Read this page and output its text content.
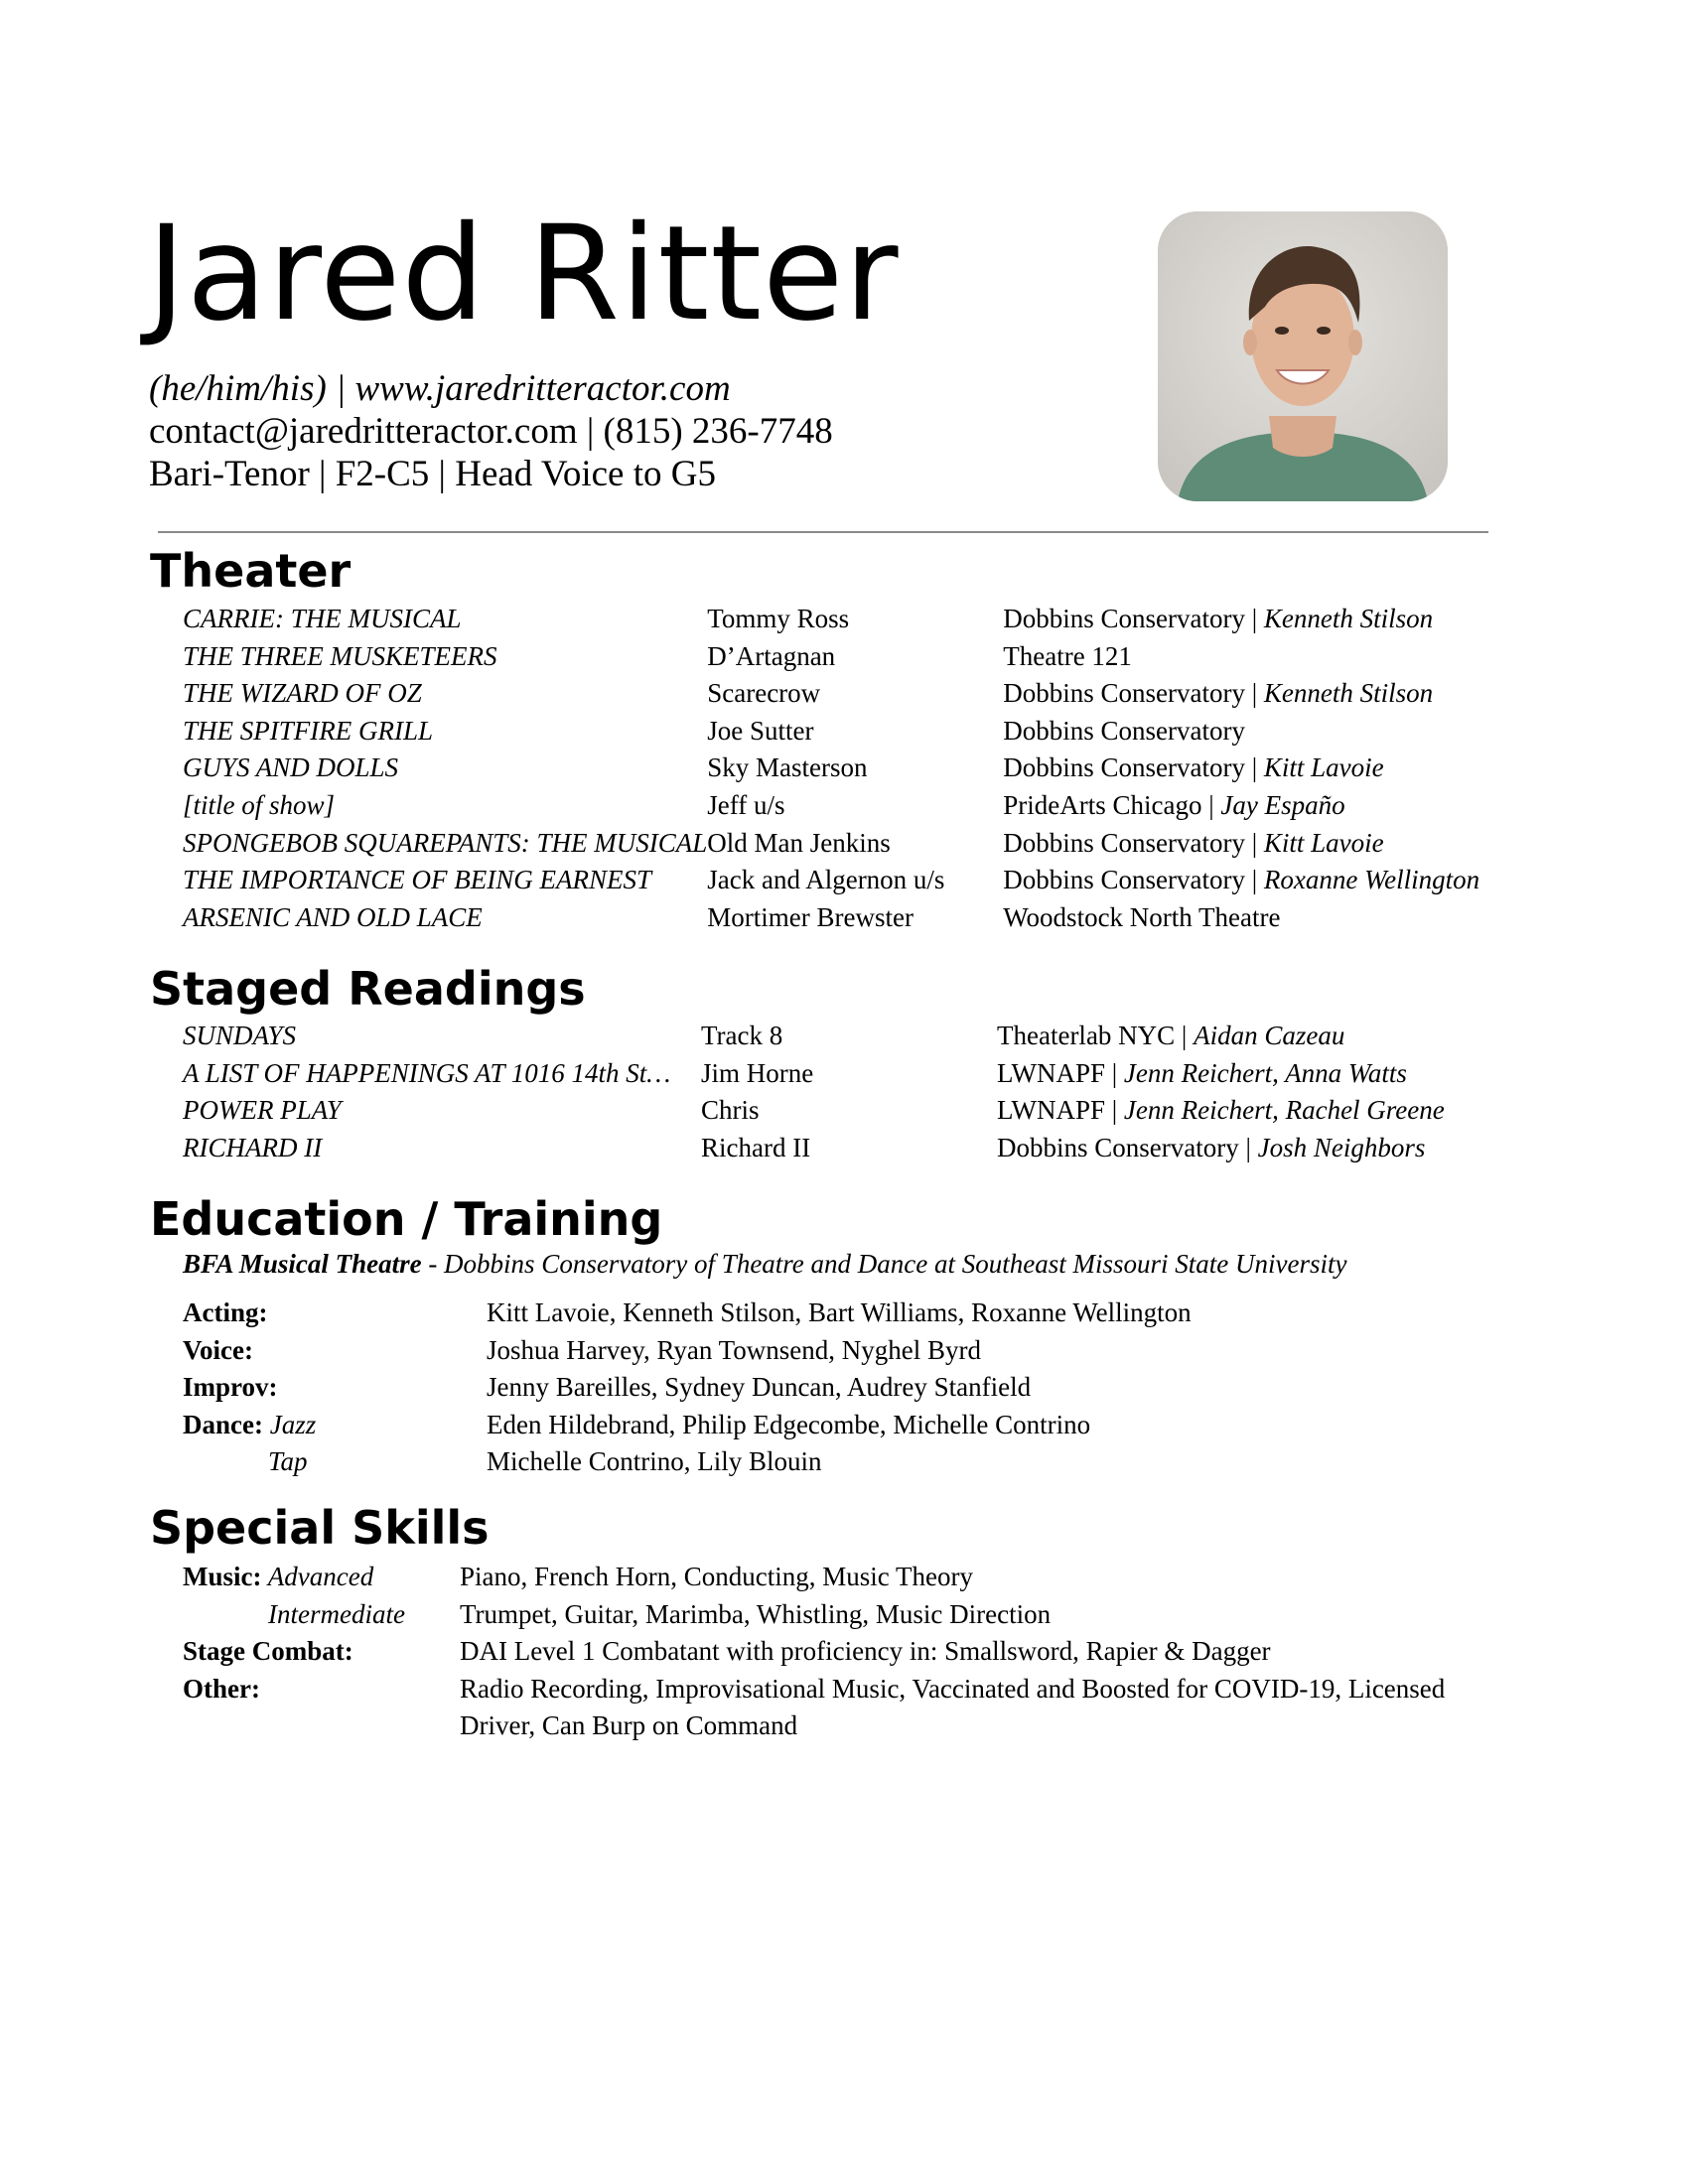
Jared Ritter
(he/him/his) | www.jaredritteractor.com
contact@jaredritteractor.com | (815) 236-7748
Bari-Tenor | F2-C5 | Head Voice to G5
Theater
CARRIE: THE MUSICAL	Tommy Ross	Dobbins Conservatory | Kenneth Stilson
THE THREE MUSKETEERS	D’Artagnan	Theatre 121
THE WIZARD OF OZ	Scarecrow	Dobbins Conservatory | Kenneth Stilson
THE SPITFIRE GRILL	Joe Sutter	Dobbins Conservatory
GUYS AND DOLLS	Sky Masterson	Dobbins Conservatory | Kitt Lavoie
[title of show]	Jeff u/s	PrideArts Chicago | Jay Españo
SPONGEBOB SQUAREPANTS: THE MUSICAL	Old Man Jenkins	Dobbins Conservatory | Kitt Lavoie
THE IMPORTANCE OF BEING EARNEST	Jack and Algernon u/s	Dobbins Conservatory | Roxanne Wellington
ARSENIC AND OLD LACE	Mortimer Brewster	Woodstock North Theatre
Staged Readings
SUNDAYS	Track 8	Theaterlab NYC | Aidan Cazeau
A LIST OF HAPPENINGS AT 1016 14th St…	Jim Horne	LWNAPF | Jenn Reichert, Anna Watts
POWER PLAY	Chris	LWNAPF | Jenn Reichert, Rachel Greene
RICHARD II	Richard II	Dobbins Conservatory | Josh Neighbors
Education / Training
BFA Musical Theatre - Dobbins Conservatory of Theatre and Dance at Southeast Missouri State University
Acting:	Kitt Lavoie, Kenneth Stilson, Bart Williams, Roxanne Wellington
Voice:	Joshua Harvey, Ryan Townsend, Nyghel Byrd
Improv:	Jenny Bareilles, Sydney Duncan, Audrey Stanfield
Dance: Jazz	Eden Hildebrand, Philip Edgecombe, Michelle Contrino
Tap	Michelle Contrino, Lily Blouin
Special Skills
Music: Advanced	Piano, French Horn, Conducting, Music Theory
Intermediate	Trumpet, Guitar, Marimba, Whistling, Music Direction
Stage Combat:	DAI Level 1 Combatant with proficiency in: Smallsword, Rapier & Dagger
Other:	Radio Recording, Improvisational Music, Vaccinated and Boosted for COVID-19, Licensed
	Driver, Can Burp on Command
